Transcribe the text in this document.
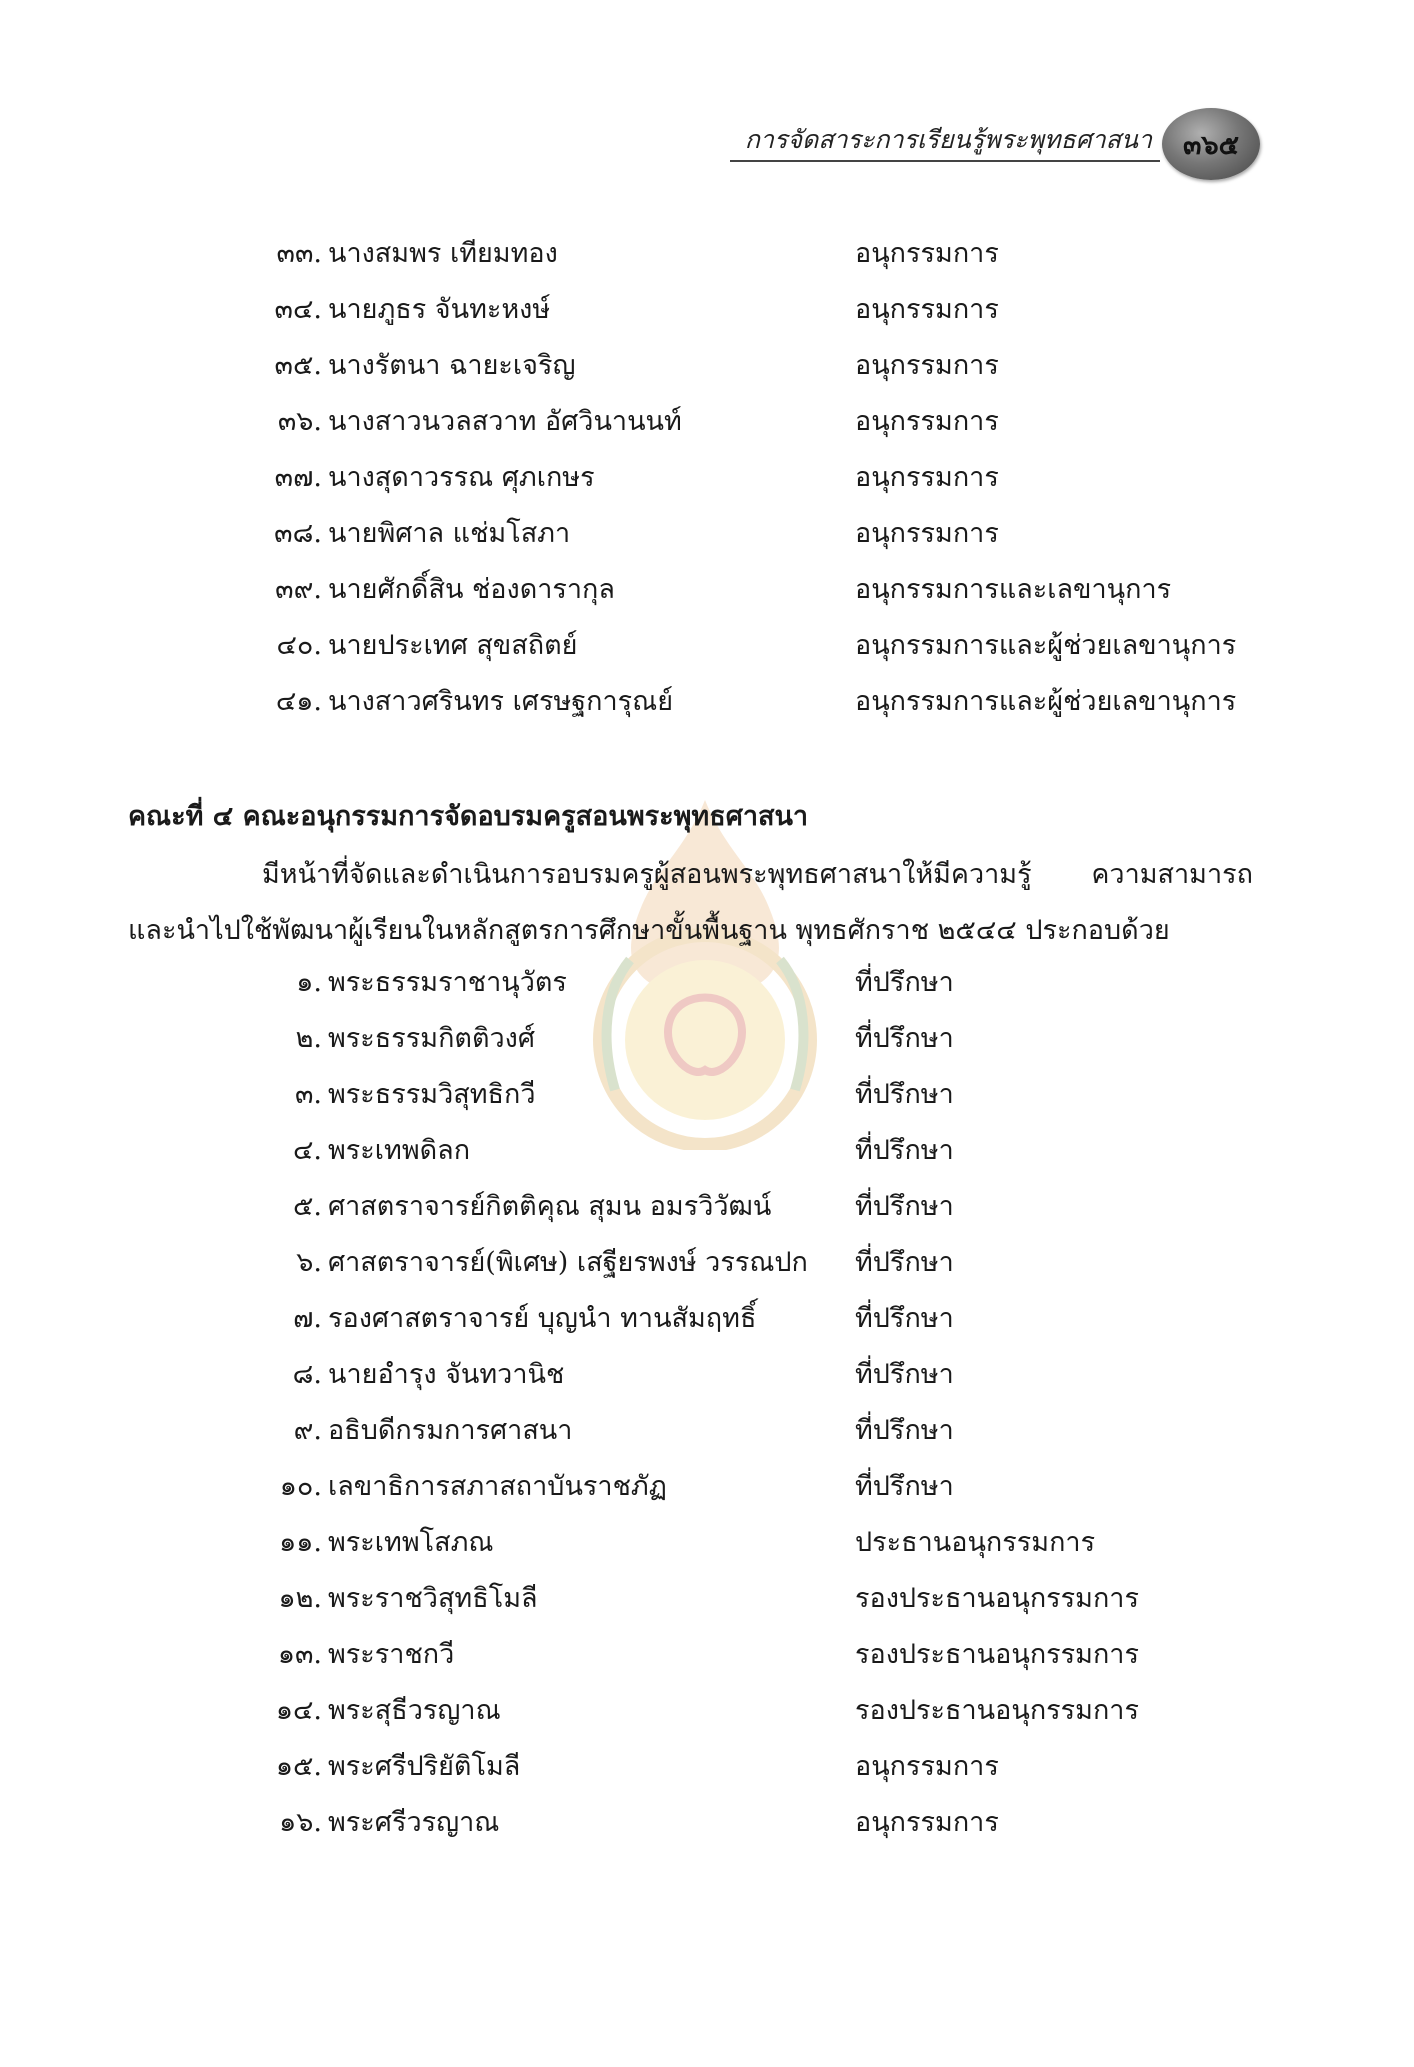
การจัดสาระการเรียนรู้พระพุทธศาสนา ๓๖๕
๓๓. นางสมพร เทียมทอง	อนุกรรมการ
๓๔. นายภูธร จันทะหงษ์	อนุกรรมการ
๓๕. นางรัตนา ฉายะเจริญ	อนุกรรมการ
๓๖. นางสาวนวลสวาท อัศวินานนท์	อนุกรรมการ
๓๗. นางสุดาวรรณ ศุภเกษร	อนุกรรมการ
๓๘. นายพิศาล แช่มโสภา	อนุกรรมการ
๓๙. นายศักดิ์สิน ช่องดารากุล	อนุกรรมการและเลขานุการ
๔๐. นายประเทศ สุขสถิตย์	อนุกรรมการและผู้ช่วยเลขานุการ
๔๑. นางสาวศรินทร เศรษฐการุณย์	อนุกรรมการและผู้ช่วยเลขานุการ
คณะที่ ๔ คณะอนุกรรมการจัดอบรมครูสอนพระพุทธศาสนา

มีหน้าที่จัดและดำเนินการอบรมครูผู้สอนพระพุทธศาสนาให้มีความรู้ ความสามารถ และนำไปใช้พัฒนาผู้เรียนในหลักสูตรการศึกษาขั้นพื้นฐาน พุทธศักราช ๒๕๔๔ ประกอบด้วย

๑. พระธรรมราชานุวัตร	ที่ปรึกษา
๒. พระธรรมกิตติวงศ์	ที่ปรึกษา
๓. พระธรรมวิสุทธิกวี	ที่ปรึกษา
๔. พระเทพดิลก	ที่ปรึกษา
๕. ศาสตราจารย์กิตติคุณ สุมน อมรวิวัฒน์	ที่ปรึกษา
๖. ศาสตราจารย์(พิเศษ) เสฐียรพงษ์ วรรณปก ที่ปรึกษา
๗. รองศาสตราจารย์ บุญนำ ทานสัมฤทธิ์	ที่ปรึกษา
๘. นายอำรุง จันทวานิช	ที่ปรึกษา
๙. อธิบดีกรมการศาสนา	ที่ปรึกษา
๑๐. เลขาธิการสภาสถาบันราชภัฏ	ที่ปรึกษา
๑๑. พระเทพโสภณ	ประธานอนุกรรมการ
๑๒. พระราชวิสุทธิโมลี	รองประธานอนุกรรมการ
๑๓. พระราชกวี	รองประธานอนุกรรมการ
๑๔. พระสุธีวรญาณ	รองประธานอนุกรรมการ
๑๕. พระศรีปริยัติโมลี	อนุกรรมการ
๑๖. พระศรีวรญาณ	อนุกรรมการ
